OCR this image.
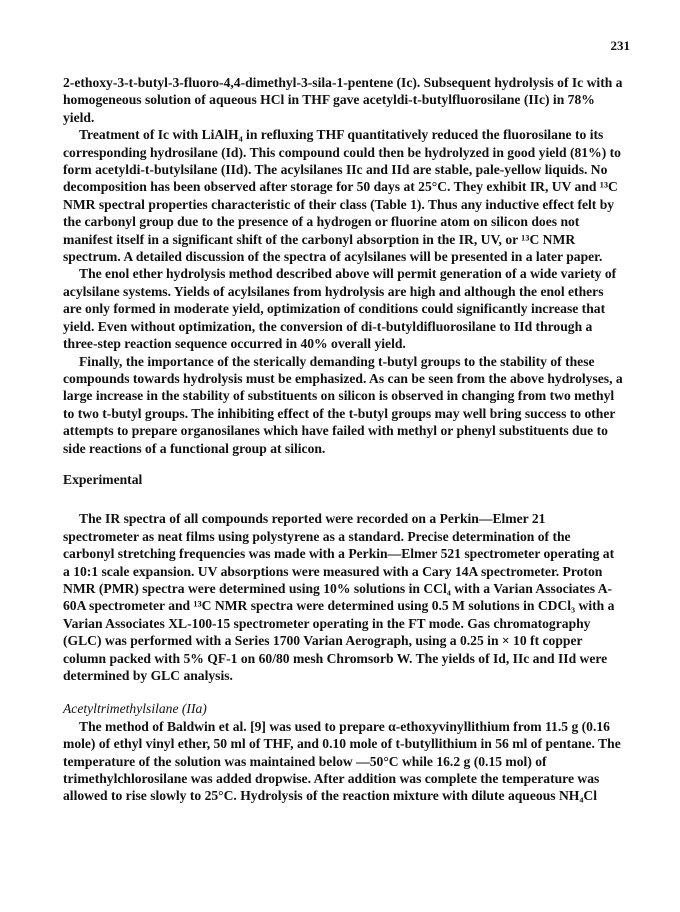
231

2-ethoxy-3-t-butyl-3-fluoro-4,4-dimethyl-3-sila-1-pentene (Ic). Subsequent hydrolysis of Ic with a homogeneous solution of aqueous HCl in THF gave acetyldi-t-butylfluorosilane (IIc) in 78% yield.

Treatment of Ic with LiAlH₄ in refluxing THF quantitatively reduced the fluorosilane to its corresponding hydrosilane (Id). This compound could then be hydrolyzed in good yield (81%) to form acetyldi-t-butylsilane (IId). The acylsilanes IIc and IId are stable, pale-yellow liquids. No decomposition has been observed after storage for 50 days at 25°C. They exhibit IR, UV and ¹³C NMR spectral properties characteristic of their class (Table 1). Thus any inductive effect felt by the carbonyl group due to the presence of a hydrogen or fluorine atom on silicon does not manifest itself in a significant shift of the carbonyl absorption in the IR, UV, or ¹³C NMR spectrum. A detailed discussion of the spectra of acylsilanes will be presented in a later paper.

The enol ether hydrolysis method described above will permit generation of a wide variety of acylsilane systems. Yields of acylsilanes from hydrolysis are high and although the enol ethers are only formed in moderate yield, optimization of conditions could significantly increase that yield. Even without optimization, the conversion of di-t-butyldifluorosilane to IId through a three-step reaction sequence occurred in 40% overall yield.

Finally, the importance of the sterically demanding t-butyl groups to the stability of these compounds towards hydrolysis must be emphasized. As can be seen from the above hydrolyses, a large increase in the stability of substituents on silicon is observed in changing from two methyl to two t-butyl groups. The inhibiting effect of the t-butyl groups may well bring success to other attempts to prepare organosilanes which have failed with methyl or phenyl substituents due to side reactions of a functional group at silicon.

Experimental

The IR spectra of all compounds reported were recorded on a Perkin—Elmer 21 spectrometer as neat films using polystyrene as a standard. Precise determination of the carbonyl stretching frequencies was made with a Perkin—Elmer 521 spectrometer operating at a 10:1 scale expansion. UV absorptions were measured with a Cary 14A spectrometer. Proton NMR (PMR) spectra were determined using 10% solutions in CCl₄ with a Varian Associates A-60A spectrometer and ¹³C NMR spectra were determined using 0.5 M solutions in CDCl₃ with a Varian Associates XL-100-15 spectrometer operating in the FT mode. Gas chromatography (GLC) was performed with a Series 1700 Varian Aerograph, using a 0.25 in × 10 ft copper column packed with 5% QF-1 on 60/80 mesh Chromsorb W. The yields of Id, IIc and IId were determined by GLC analysis.

Acetyltrimethylsilane (IIa)

The method of Baldwin et al. [9] was used to prepare α-ethoxyvinyllithium from 11.5 g (0.16 mole) of ethyl vinyl ether, 50 ml of THF, and 0.10 mole of t-butyllithium in 56 ml of pentane. The temperature of the solution was maintained below —50°C while 16.2 g (0.15 mol) of trimethylchlorosilane was added dropwise. After addition was complete the temperature was allowed to rise slowly to 25°C. Hydrolysis of the reaction mixture with dilute aqueous NH₄Cl
